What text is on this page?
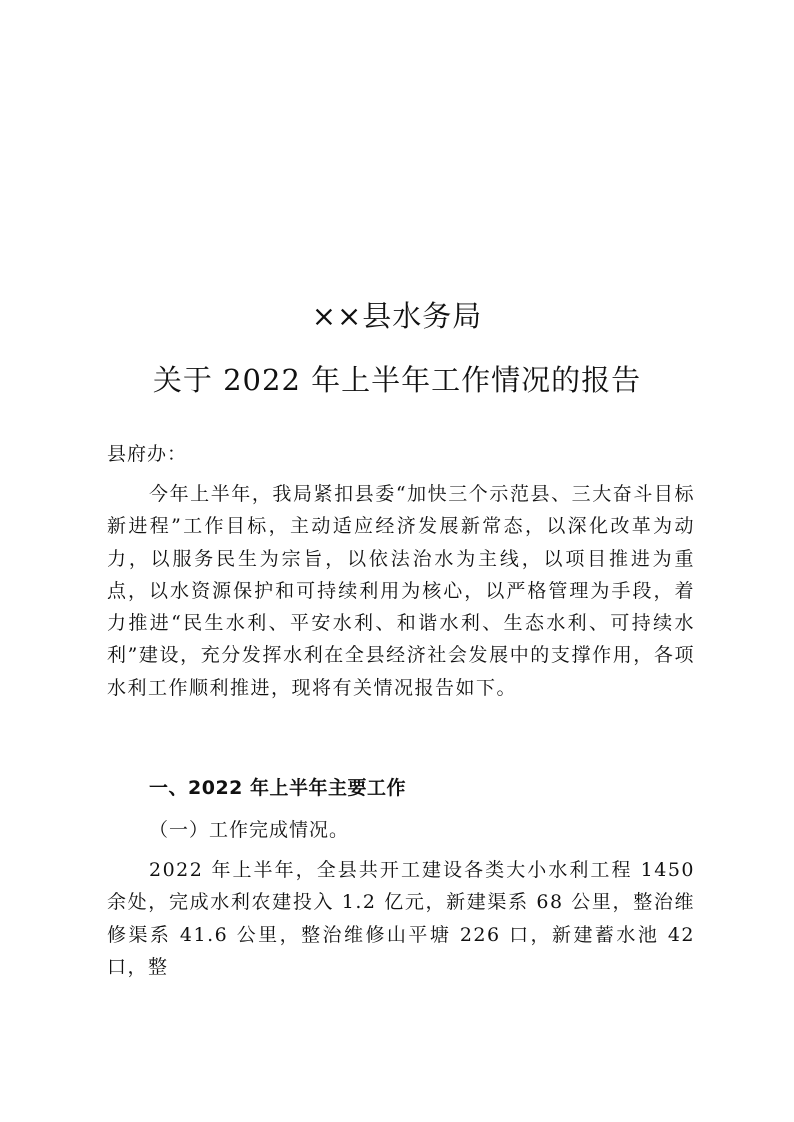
××县水务局
关于 2022 年上半年工作情况的报告
县府办：

今年上半年，我局紧扣县委“加快三个示范县、三大奋斗目标新进程”工作目标，主动适应经济发展新常态，以深化改革为动力，以服务民生为宗旨，以依法治水为主线，以项目推进为重 点，以水资源保护和可持续利用为核心，以严格管理为手段，着 力推进“民生水利、平安水利、和谐水利、生态水利、可持续水利”建设，充分发挥水利在全县经济社会发展中的支撑作用，各项水利工作顺利推进，现将有关情况报告如下。

一、2022 年上半年主要工作
（一）工作完成情况。

2022 年上半年，全县共开工建设各类大小水利工程 1450 余处，完成水利农建投入 1.2 亿元，新建渠系 68 公里，整治维修渠系 41.6 公里，整治维修山平塘 226 口，新建蓄水池 42 口，整
